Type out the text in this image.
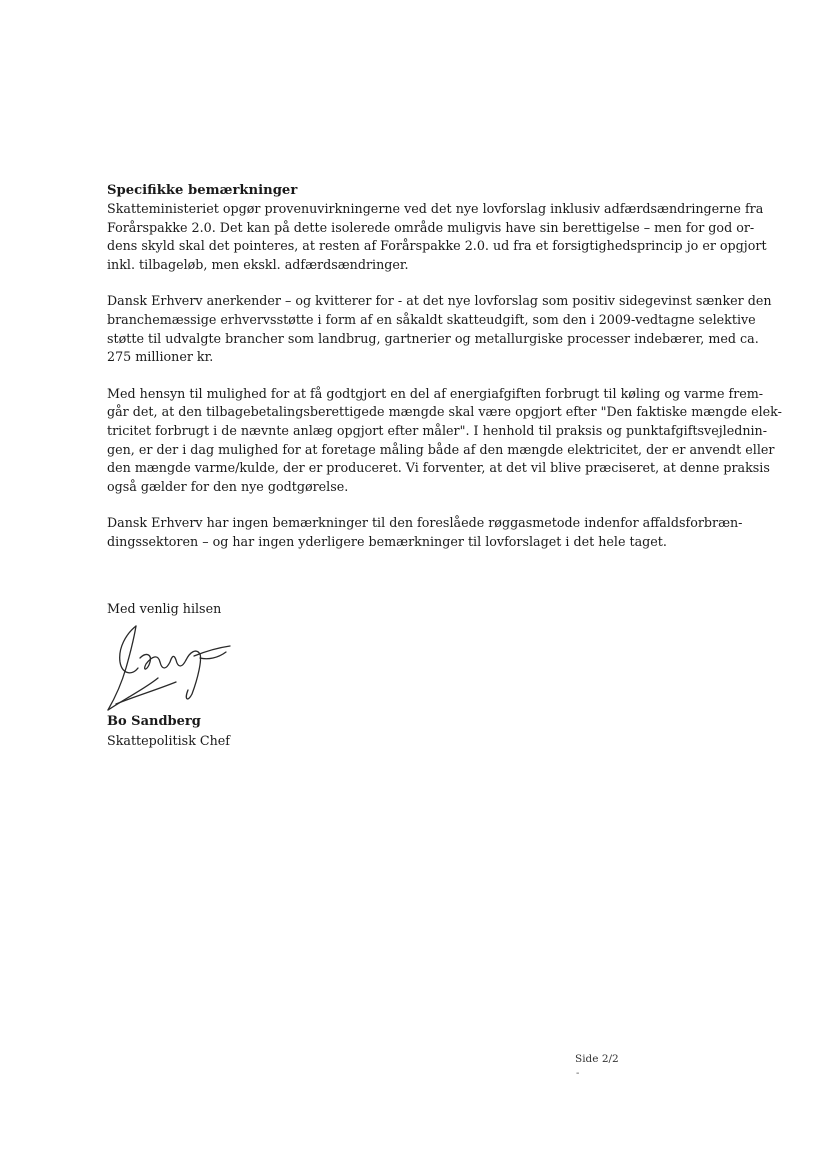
Specifikke bemærkninger

Skatteministeriet opgør provenuvirkningerne ved det nye lovforslag inklusiv adfærdsændringerne fra
Forårspakke 2.0. Det kan på dette isolerede område muligvis have sin berettigelse – men for god or-
dens skyld skal det pointeres, at resten af Forårspakke 2.0. ud fra et forsigtighedsprincip jo er opgjort
inkl. tilbageløb, men ekskl. adfærdsændringer.

Dansk Erhverv anerkender – og kvitterer for - at det nye lovforslag som positiv sidegevinst sænker den
branchemæssige erhvervsstøtte i form af en såkaldt skatteudgift, som den i 2009-vedtagne selektive
støtte til udvalgte brancher som landbrug, gartnerier og metallurgiske processer indebærer, med ca.
275 millioner kr.

Med hensyn til mulighed for at få godtgjort en del af energiafgiften forbrugt til køling og varme frem-
går det, at den tilbagebetalingsberettigede mængde skal være opgjort efter "Den faktiske mængde elek-
tricitet forbrugt i de nævnte anlæg opgjort efter måler". I henhold til praksis og punktafgiftsvejlednin-
gen, er der i dag mulighed for at foretage måling både af den mængde elektricitet, der er anvendt eller
den mængde varme/kulde, der er produceret. Vi forventer, at det vil blive præciseret, at denne praksis
også gælder for den nye godtgørelse.

Dansk Erhverv har ingen bemærkninger til den foreslåede røggasmetode indenfor affaldsforbræn-
dingssektoren – og har ingen yderligere bemærkninger til lovforslaget i det hele taget.

Med venlig hilsen

Bo Sandberg

Skattepolitisk Chef

Side 2/2

-
